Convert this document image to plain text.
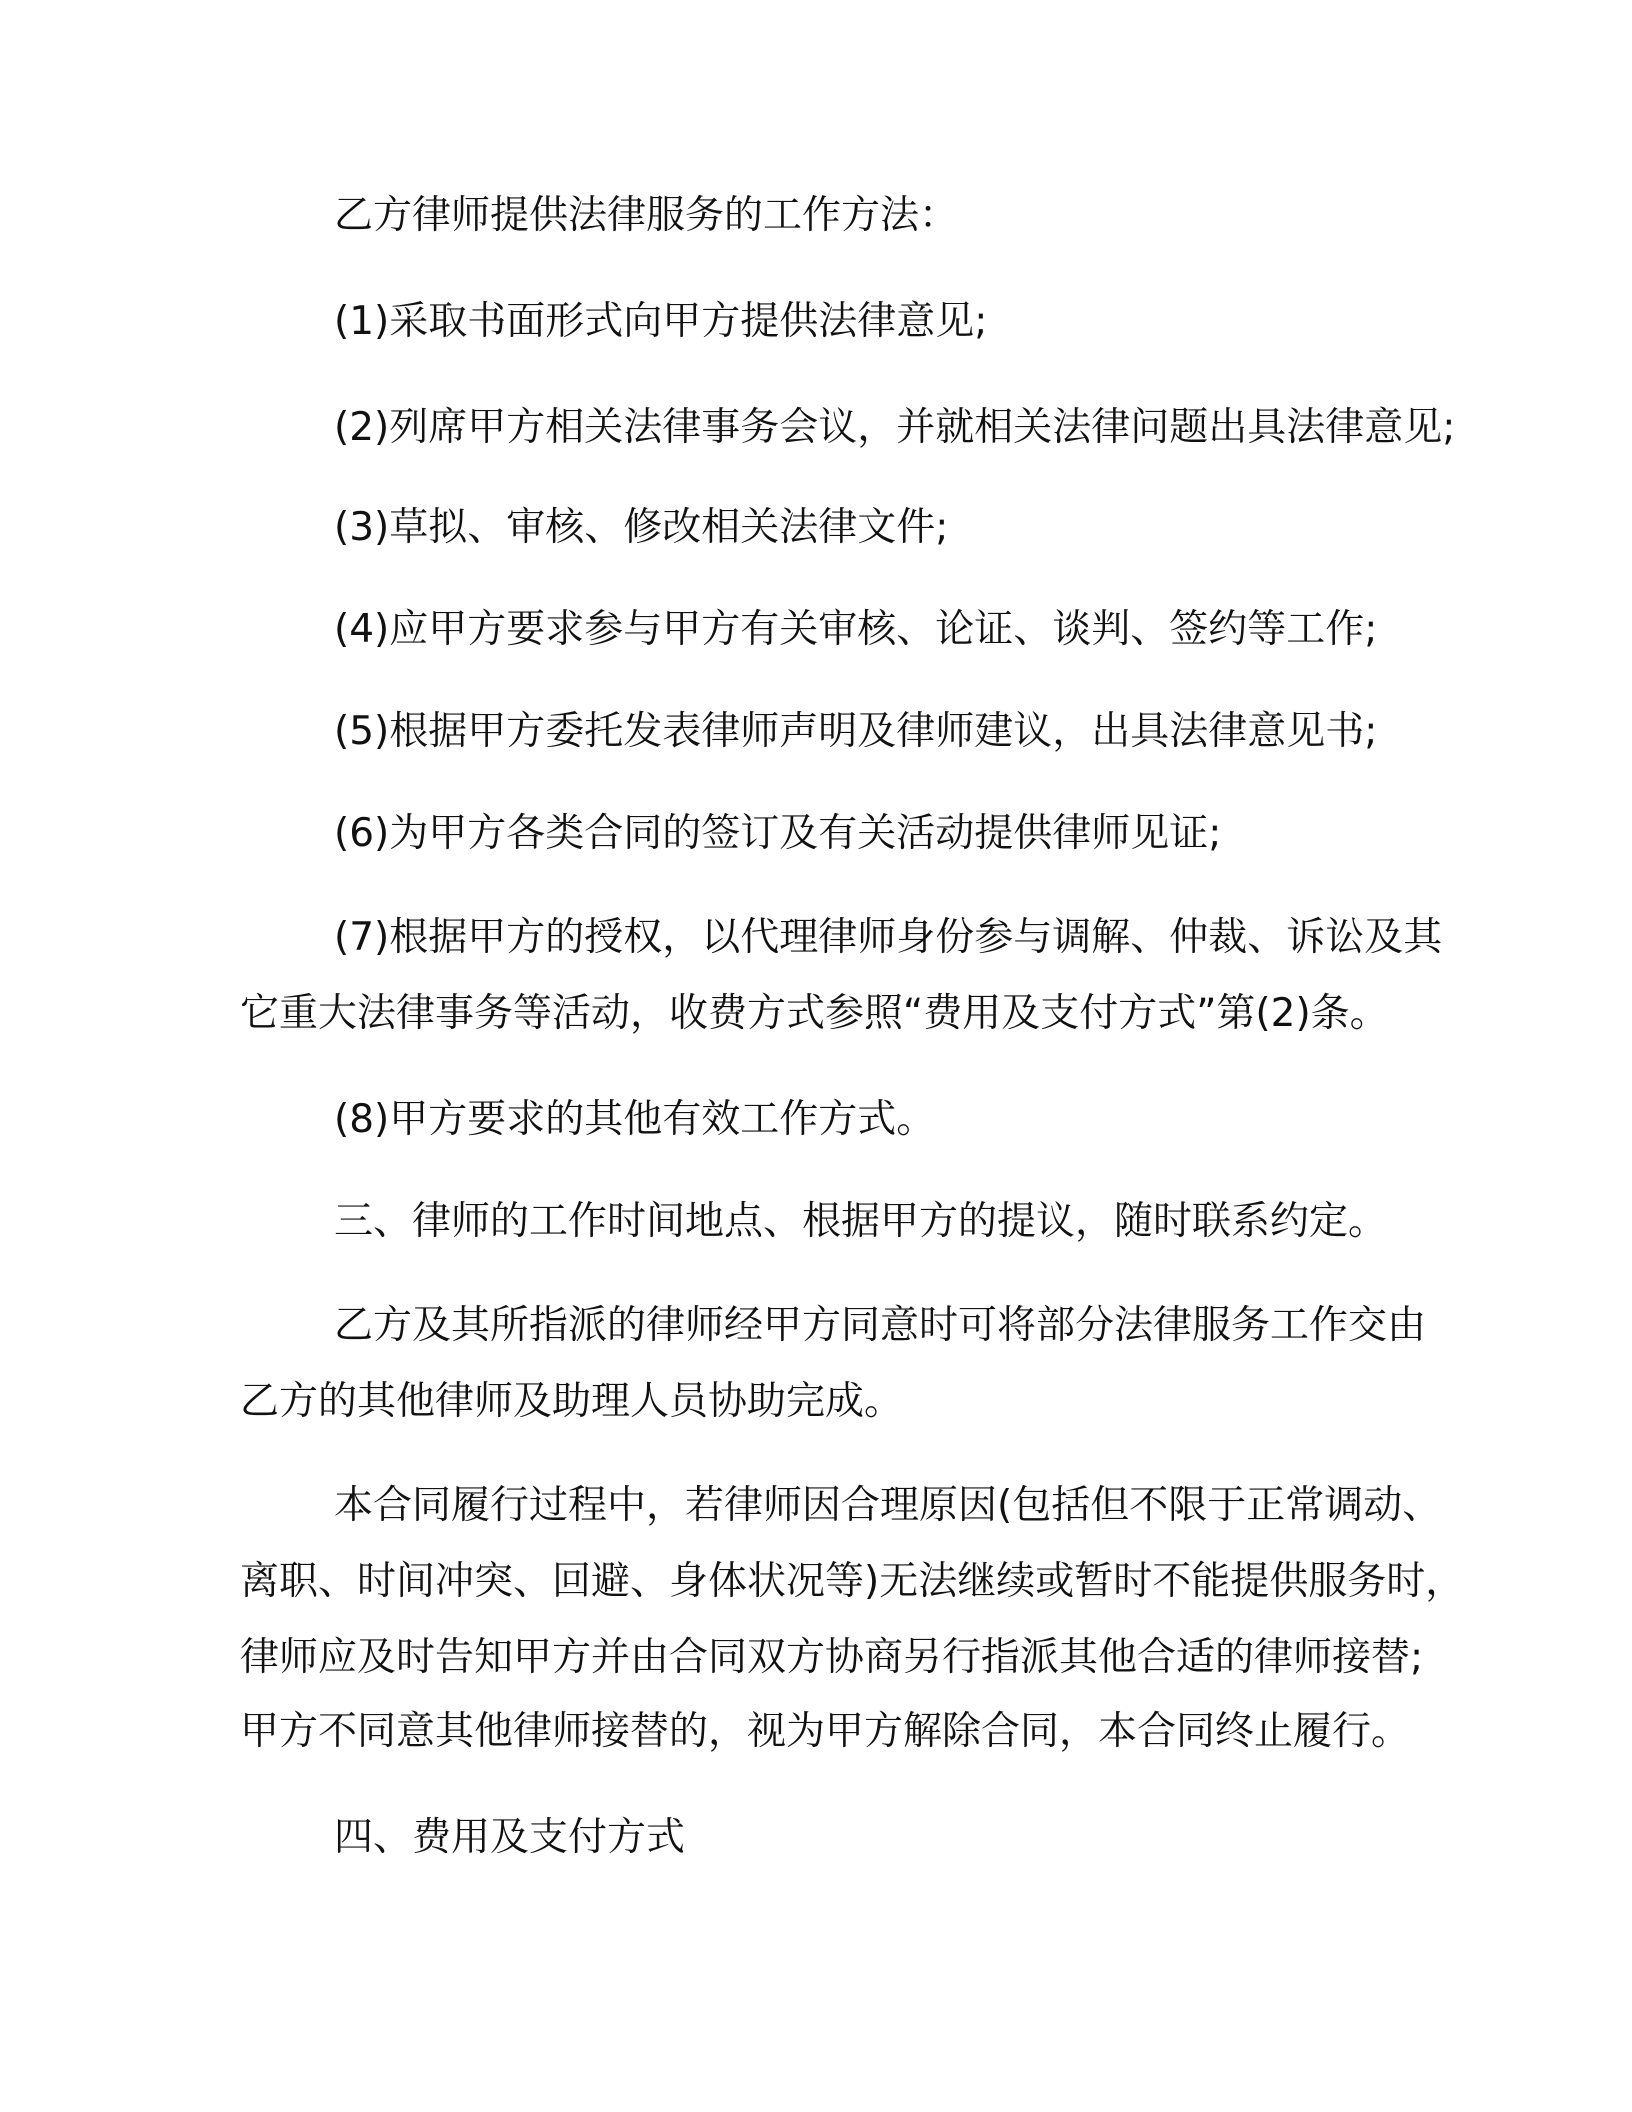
乙方律师提供法律服务的工作方法：

(1)采取书面形式向甲方提供法律意见;

(2)列席甲方相关法律事务会议，并就相关法律问题出具法律意见;

(3)草拟、审核、修改相关法律文件;

(4)应甲方要求参与甲方有关审核、论证、谈判、签约等工作;

(5)根据甲方委托发表律师声明及律师建议，出具法律意见书;

(6)为甲方各类合同的签订及有关活动提供律师见证;

(7)根据甲方的授权，以代理律师身份参与调解、仲裁、诉讼及其

它重大法律事务等活动，收费方式参照“费用及支付方式”第(2)条。

(8)甲方要求的其他有效工作方式。

三、律师的工作时间地点、根据甲方的提议，随时联系约定。

乙方及其所指派的律师经甲方同意时可将部分法律服务工作交由

乙方的其他律师及助理人员协助完成。

本合同履行过程中，若律师因合理原因(包括但不限于正常调动、

离职、时间冲突、回避、身体状况等)无法继续或暂时不能提供服务时，

律师应及时告知甲方并由合同双方协商另行指派其他合适的律师接替;

甲方不同意其他律师接替的，视为甲方解除合同，本合同终止履行。

四、费用及支付方式
